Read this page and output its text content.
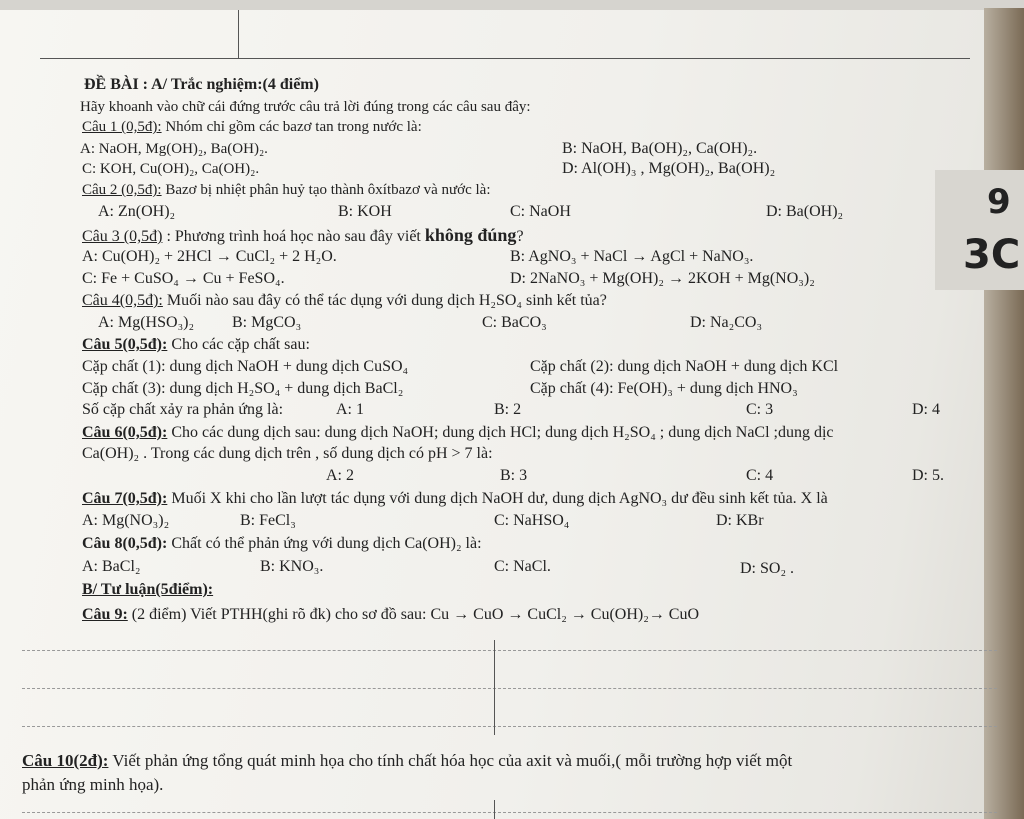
9
3C
ĐỀ BÀI : A/ Trắc nghiệm:(4 điểm)
Hãy khoanh vào chữ cái đứng trước câu trả lời đúng trong các câu sau đây:
Câu 1 (0,5đ): Nhóm chỉ gồm các bazơ tan trong nước là:
A: NaOH, Mg(OH)₂, Ba(OH)₂.	B: NaOH, Ba(OH)₂, Ca(OH)₂.
C: KOH, Cu(OH)₂, Ca(OH)₂.	D: Al(OH)₃ , Mg(OH)₂, Ba(OH)₂
Câu 2 (0,5đ): Bazơ bị nhiệt phân huỷ tạo thành ôxítbazơ và nước là:
A: Zn(OH)₂	B: KOH	C: NaOH	D: Ba(OH)₂
Câu 3 (0,5đ) : Phương trình hoá học nào sau đây viết không đúng?
A: Cu(OH)₂ + 2HCl → CuCl₂ + 2 H₂O.	B: AgNO₃ + NaCl → AgCl + NaNO₃.
C: Fe + CuSO₄ → Cu + FeSO₄.	D: 2NaNO₃ + Mg(OH)₂ → 2KOH + Mg(NO₃)₂
Câu 4(0,5đ): Muối nào sau đây có thể tác dụng với dung dịch H₂SO₄ sinh kết tủa?
A: Mg(HSO₃)₂ B: MgCO₃	C: BaCO₃	D: Na₂CO₃
Câu 5(0,5đ): Cho các cặp chất sau:
Cặp chất (1): dung dịch NaOH + dung dịch CuSO₄	Cặp chất (2): dung dịch NaOH + dung dịch KCl
Cặp chất (3): dung dịch H₂SO₄ + dung dịch BaCl₂	Cặp chất (4): Fe(OH)₃ + dung dịch HNO₃
Số cặp chất xảy ra phản ứng là:	A: 1	B: 2	C: 3	D: 4
Câu 6(0,5đ): Cho các dung dịch sau: dung dịch NaOH; dung dịch HCl; dung dịch H₂SO₄ ; dung dịch NaCl ;dung dịc
Ca(OH)₂ . Trong các dung dịch trên , số dung dịch có pH > 7 là:
A: 2	B: 3	C: 4	D: 5.
Câu 7(0,5đ): Muối X khi cho lần lượt tác dụng với dung dịch NaOH dư, dung dịch AgNO₃ dư đều sinh kết tủa. X là
A: Mg(NO₃)₂	B: FeCl₃	C: NaHSO₄	D: KBr
Câu 8(0,5đ): Chất có thể phản ứng với dung dịch Ca(OH)₂ là:
A: BaCl₂	B: KNO₃.	C: NaCl.	D: SO₂ .
B/ Tư luận(5điểm):
Câu 9: (2 điểm) Viết PTHH(ghi rõ đk) cho sơ đồ sau: Cu → CuO → CuCl₂ → Cu(OH)₂→ CuO
Câu 10(2đ): Viết phản ứng tổng quát minh họa cho tính chất hóa học của axit và muối,( mỗi trường hợp viết một
phản ứng minh họa).
